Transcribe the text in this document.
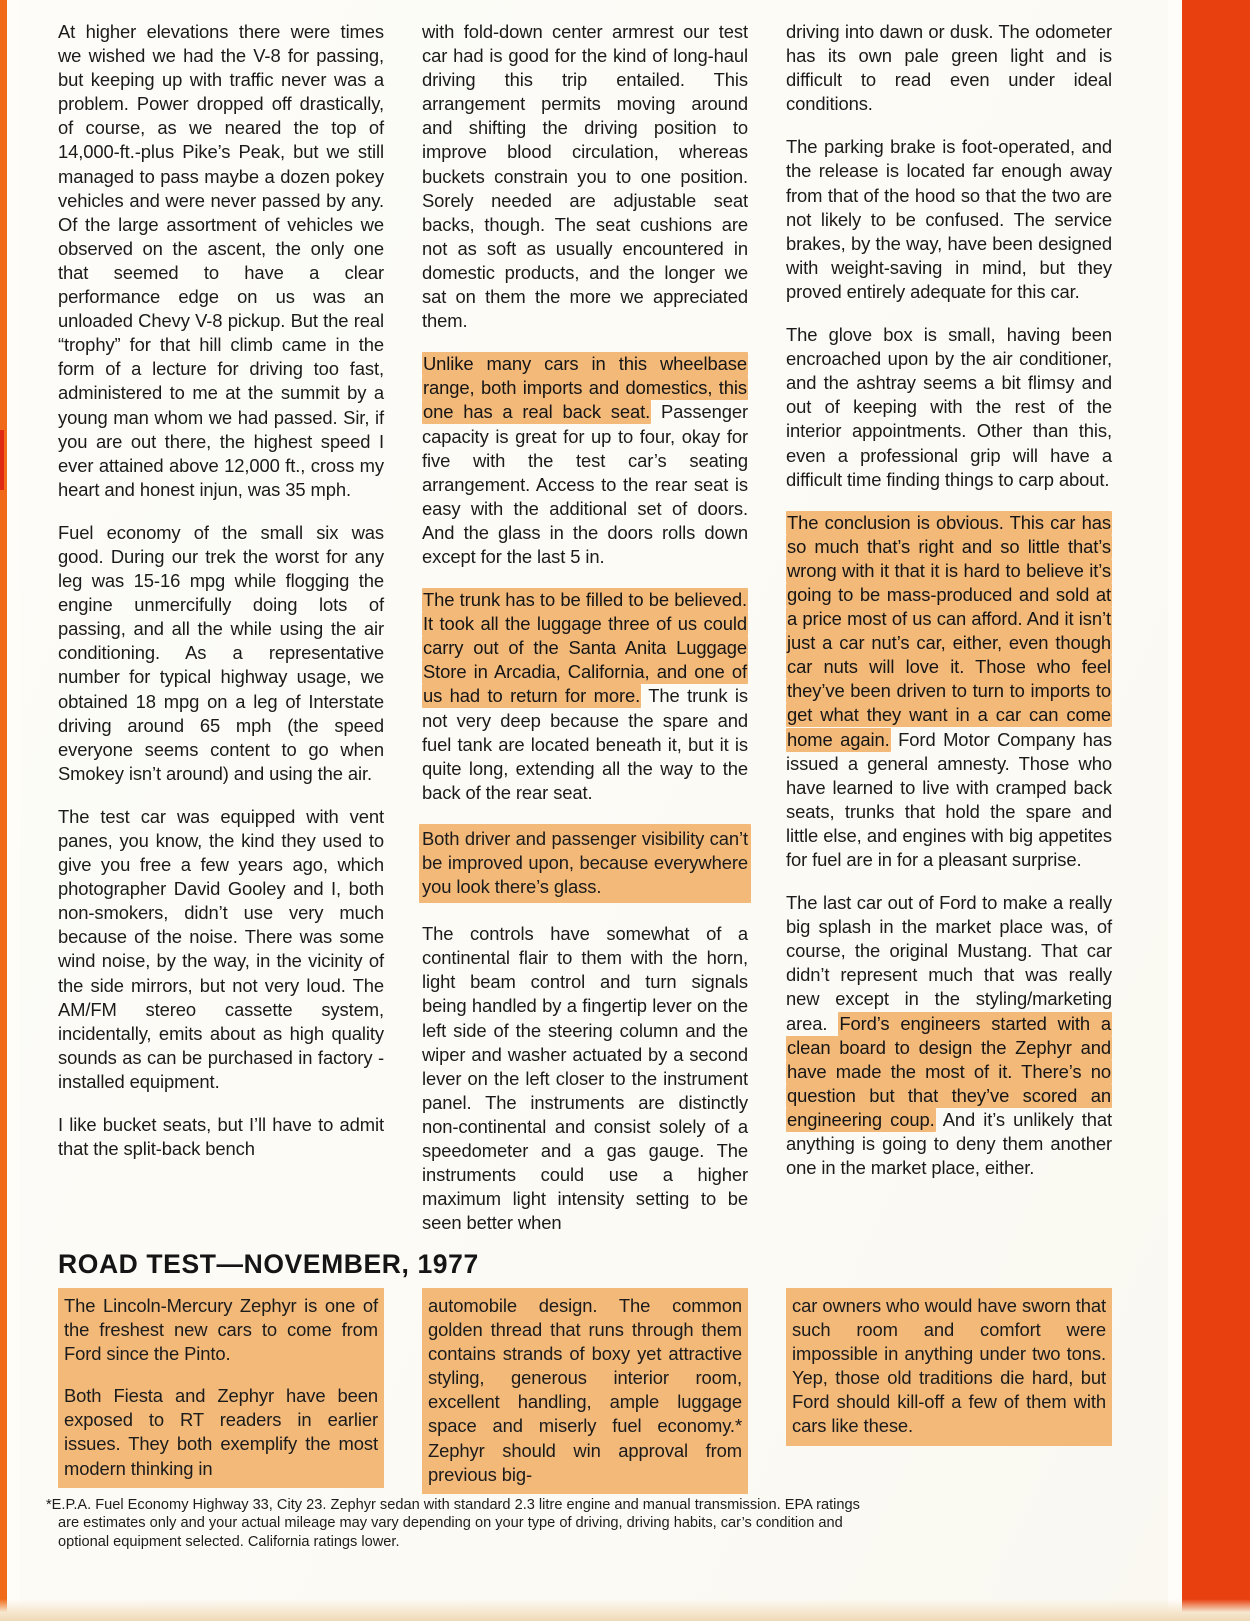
At higher elevations there were times we wished we had the V-8 for passing, but keeping up with traffic never was a problem. Power dropped off drastically, of course, as we neared the top of 14,000-ft.-plus Pike’s Peak, but we still managed to pass maybe a dozen pokey vehicles and were never passed by any. Of the large assortment of vehicles we observed on the ascent, the only one that seemed to have a clear performance edge on us was an unloaded Chevy V-8 pickup. But the real “trophy” for that hill climb came in the form of a lecture for driving too fast, administered to me at the summit by a young man whom we had passed. Sir, if you are out there, the highest speed I ever attained above 12,000 ft., cross my heart and honest injun, was 35 mph.

Fuel economy of the small six was good. During our trek the worst for any leg was 15-16 mpg while flogging the engine unmercifully doing lots of passing, and all the while using the air conditioning. As a representative number for typical highway usage, we obtained 18 mpg on a leg of Interstate driving around 65 mph (the speed everyone seems content to go when Smokey isn’t around) and using the air.

The test car was equipped with vent panes, you know, the kind they used to give you free a few years ago, which photographer David Gooley and I, both non-smokers, didn’t use very much because of the noise. There was some wind noise, by the way, in the vicinity of the side mirrors, but not very loud. The AM/FM stereo cassette system, incidentally, emits about as high quality sounds as can be purchased in factory - installed equipment.

I like bucket seats, but I’ll have to admit that the split-back bench

with fold-down center armrest our test car had is good for the kind of long-haul driving this trip entailed. This arrangement permits moving around and shifting the driving position to improve blood circulation, whereas buckets constrain you to one position. Sorely needed are adjustable seat backs, though. The seat cushions are not as soft as usually encountered in domestic products, and the longer we sat on them the more we appreciated them.

Unlike many cars in this wheelbase range, both imports and domestics, this one has a real back seat. Passenger capacity is great for up to four, okay for five with the test car’s seating arrangement. Access to the rear seat is easy with the additional set of doors. And the glass in the doors rolls down except for the last 5 in.

The trunk has to be filled to be believed. It took all the luggage three of us could carry out of the Santa Anita Luggage Store in Arcadia, California, and one of us had to return for more. The trunk is not very deep because the spare and fuel tank are located beneath it, but it is quite long, extending all the way to the back of the rear seat.

Both driver and passenger visibility can’t be improved upon, because everywhere you look there’s glass.

The controls have somewhat of a continental flair to them with the horn, light beam control and turn signals being handled by a fingertip lever on the left side of the steering column and the wiper and washer actuated by a second lever on the left closer to the instrument panel. The instruments are distinctly non-continental and consist solely of a speedometer and a gas gauge. The instruments could use a higher maximum light intensity setting to be seen better when

driving into dawn or dusk. The odometer has its own pale green light and is difficult to read even under ideal conditions.

The parking brake is foot-operated, and the release is located far enough away from that of the hood so that the two are not likely to be confused. The service brakes, by the way, have been designed with weight-saving in mind, but they proved entirely adequate for this car.

The glove box is small, having been encroached upon by the air conditioner, and the ashtray seems a bit flimsy and out of keeping with the rest of the interior appointments. Other than this, even a professional grip will have a difficult time finding things to carp about.

The conclusion is obvious. This car has so much that’s right and so little that’s wrong with it that it is hard to believe it’s going to be mass-produced and sold at a price most of us can afford. And it isn’t just a car nut’s car, either, even though car nuts will love it. Those who feel they’ve been driven to turn to imports to get what they want in a car can come home again. Ford Motor Company has issued a general amnesty. Those who have learned to live with cramped back seats, trunks that hold the spare and little else, and engines with big appetites for fuel are in for a pleasant surprise.

The last car out of Ford to make a really big splash in the market place was, of course, the original Mustang. That car didn’t represent much that was really new except in the styling/marketing area. Ford’s engineers started with a clean board to design the Zephyr and have made the most of it. There’s no question but that they’ve scored an engineering coup. And it’s unlikely that anything is going to deny them another one in the market place, either.

ROAD TEST—NOVEMBER, 1977

The Lincoln-Mercury Zephyr is one of the freshest new cars to come from Ford since the Pinto.

Both Fiesta and Zephyr have been exposed to RT readers in earlier issues. They both exemplify the most modern thinking in

automobile design. The common golden thread that runs through them contains strands of boxy yet attractive styling, generous interior room, excellent handling, ample luggage space and miserly fuel economy.* Zephyr should win approval from previous big-

car owners who would have sworn that such room and comfort were impossible in anything under two tons. Yep, those old traditions die hard, but Ford should kill-off a few of them with cars like these.

*E.P.A. Fuel Economy Highway 33, City 23. Zephyr sedan with standard 2.3 litre engine and manual transmission. EPA ratings
are estimates only and your actual mileage may vary depending on your type of driving, driving habits, car’s condition and
optional equipment selected. California ratings lower.
